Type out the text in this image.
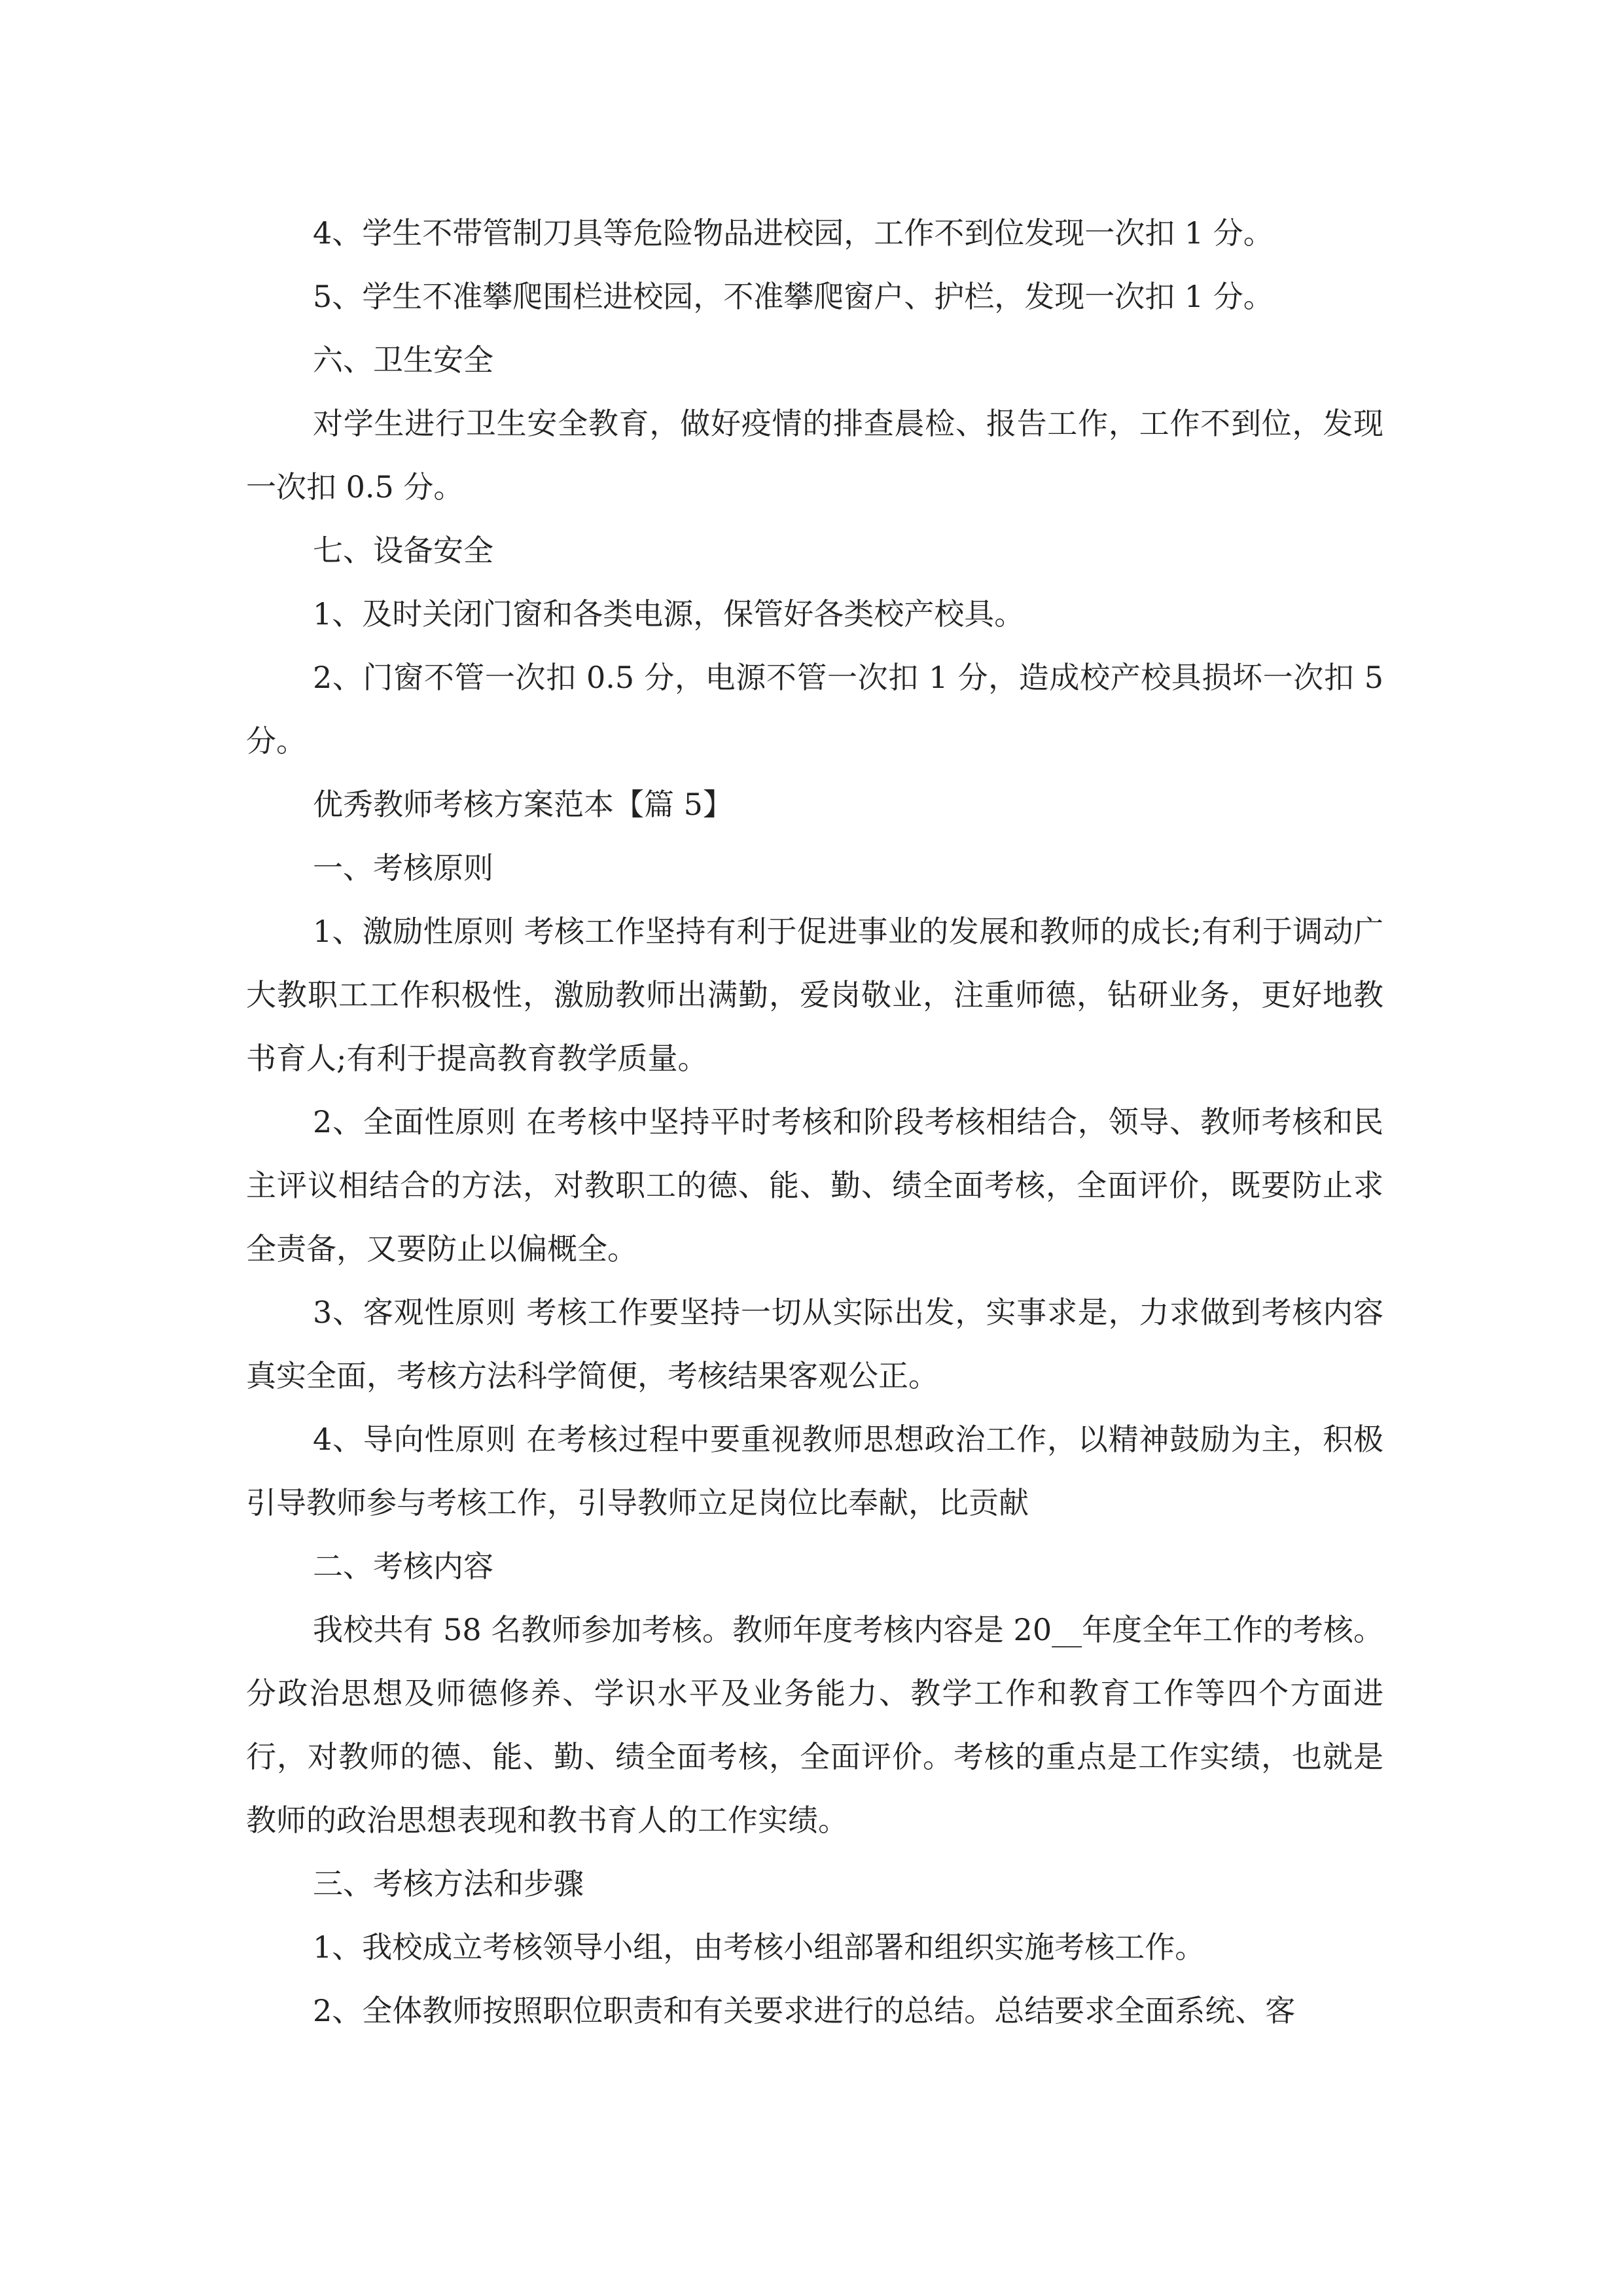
4、学生不带管制刀具等危险物品进校园，工作不到位发现一次扣 1 分。

5、学生不准攀爬围栏进校园，不准攀爬窗户、护栏，发现一次扣 1 分。

六、卫生安全

对学生进行卫生安全教育，做好疫情的排查晨检、报告工作，工作不到位，发现一次扣 0.5 分。

七、设备安全

1、及时关闭门窗和各类电源，保管好各类校产校具。

2、门窗不管一次扣 0.5 分，电源不管一次扣 1 分，造成校产校具损坏一次扣 5 分。

优秀教师考核方案范本【篇 5】

一、考核原则

1、激励性原则 考核工作坚持有利于促进事业的发展和教师的成长;有利于调动广大教职工工作积极性，激励教师出满勤，爱岗敬业，注重师德，钻研业务，更好地教书育人;有利于提高教育教学质量。

2、全面性原则 在考核中坚持平时考核和阶段考核相结合，领导、教师考核和民主评议相结合的方法，对教职工的德、能、勤、绩全面考核，全面评价，既要防止求全责备，又要防止以偏概全。

3、客观性原则 考核工作要坚持一切从实际出发，实事求是，力求做到考核内容真实全面，考核方法科学简便，考核结果客观公正。

4、导向性原则 在考核过程中要重视教师思想政治工作，以精神鼓励为主，积极引导教师参与考核工作，引导教师立足岗位比奉献，比贡献

二、考核内容

我校共有 58 名教师参加考核。教师年度考核内容是 20__年度全年工作的考核。分政治思想及师德修养、学识水平及业务能力、教学工作和教育工作等四个方面进行，对教师的德、能、勤、绩全面考核，全面评价。考核的重点是工作实绩，也就是教师的政治思想表现和教书育人的工作实绩。

三、考核方法和步骤

1、我校成立考核领导小组，由考核小组部署和组织实施考核工作。

2、全体教师按照职位职责和有关要求进行的总结。总结要求全面系统、客
